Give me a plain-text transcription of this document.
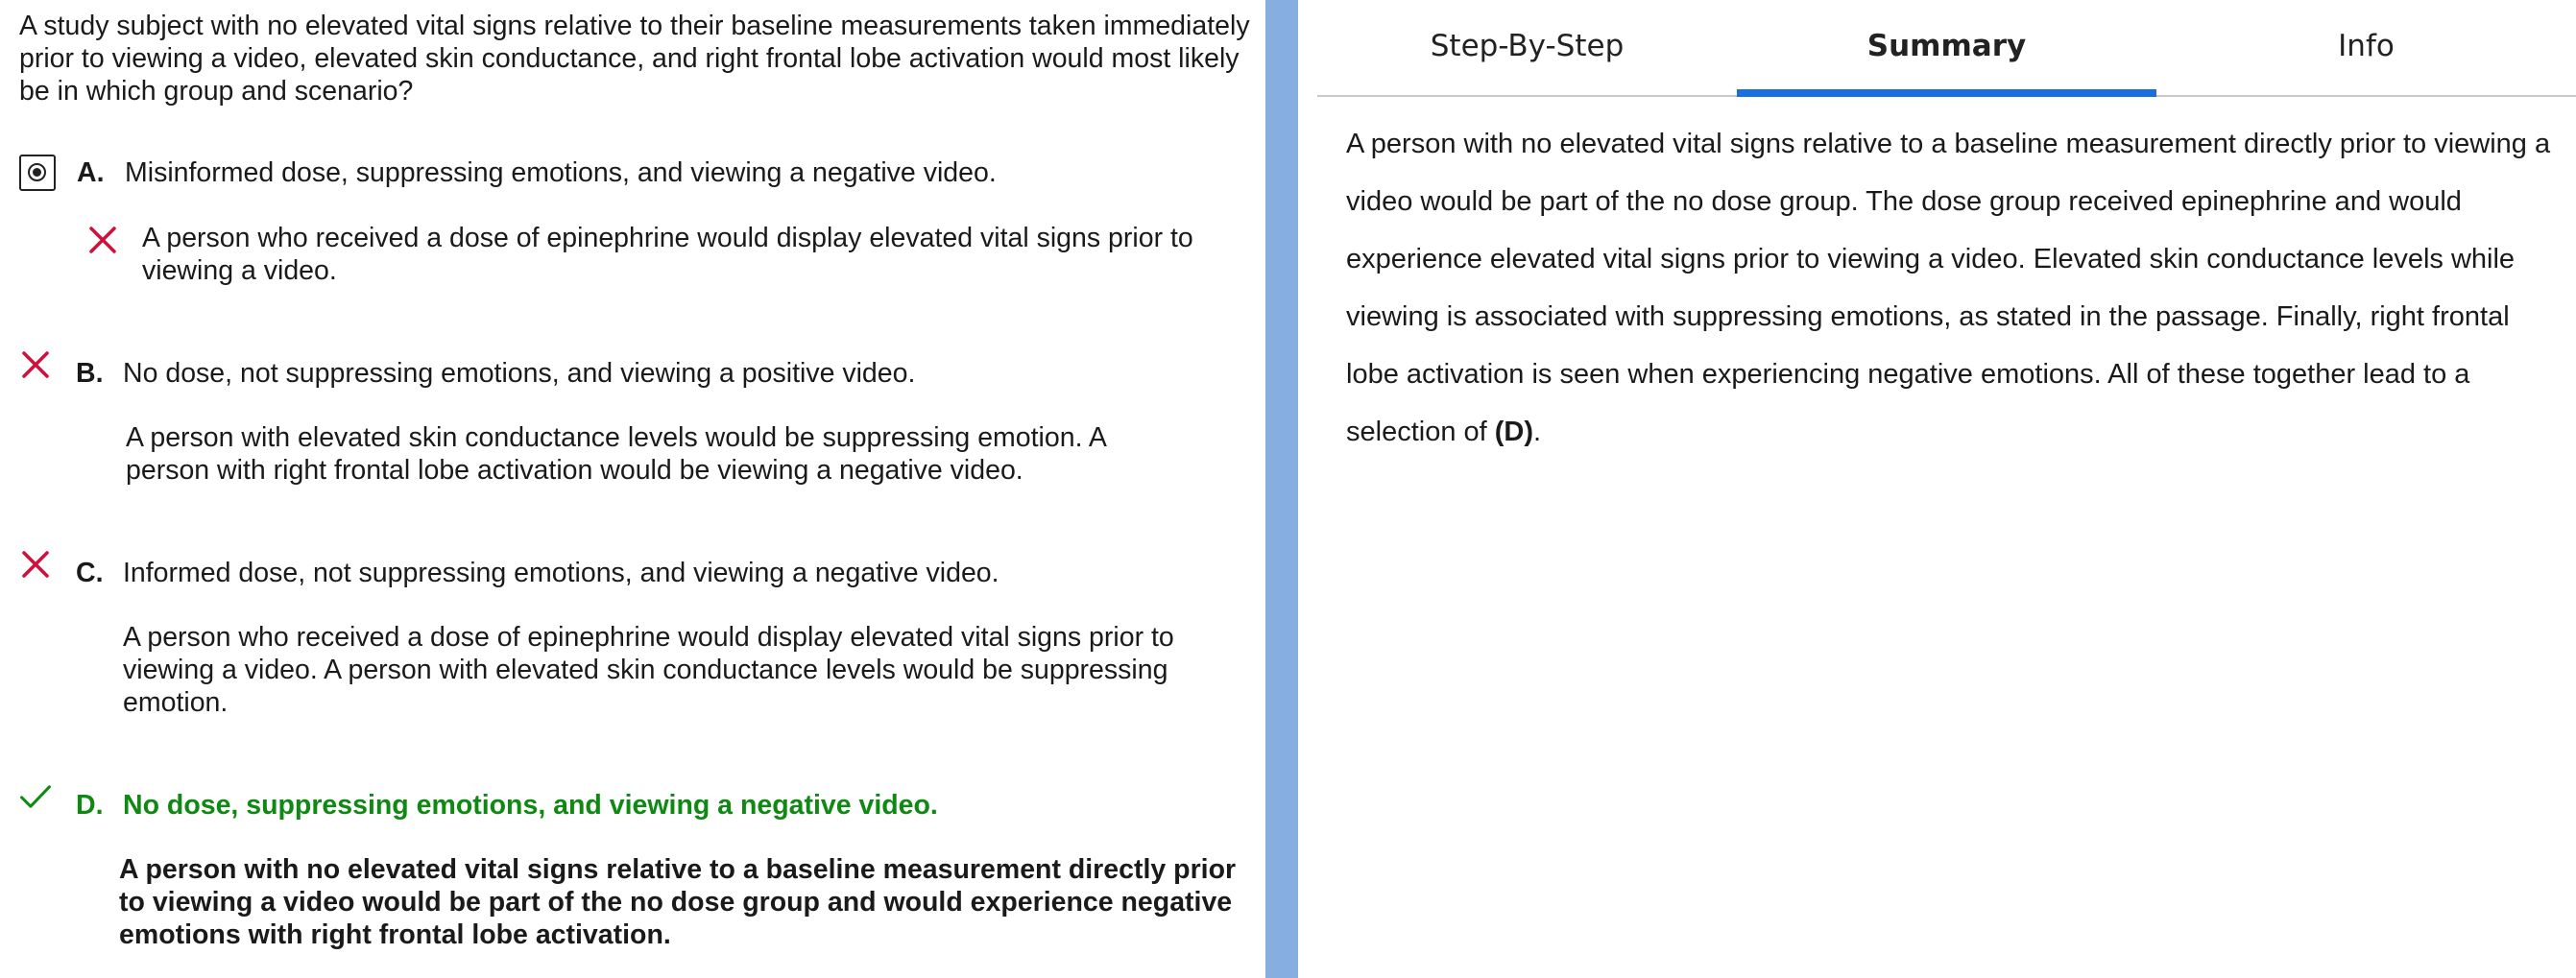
A study subject with no elevated vital signs relative to their baseline measurements taken immediately prior to viewing a video, elevated skin conductance, and right frontal lobe activation would most likely be in which group and scenario?

A. Misinformed dose, suppressing emotions, and viewing a negative video.

A person who received a dose of epinephrine would display elevated vital signs prior to viewing a video.

B. No dose, not suppressing emotions, and viewing a positive video.

A person with elevated skin conductance levels would be suppressing emotion. A person with right frontal lobe activation would be viewing a negative video.

C. Informed dose, not suppressing emotions, and viewing a negative video.

A person who received a dose of epinephrine would display elevated vital signs prior to viewing a video. A person with elevated skin conductance levels would be suppressing emotion.

D. No dose, suppressing emotions, and viewing a negative video.

A person with no elevated vital signs relative to a baseline measurement directly prior to viewing a video would be part of the no dose group and would experience negative emotions with right frontal lobe activation.

Step-By-Step	Summary	Info

A person with no elevated vital signs relative to a baseline measurement directly prior to viewing a video would be part of the no dose group. The dose group received epinephrine and would experience elevated vital signs prior to viewing a video. Elevated skin conductance levels while viewing is associated with suppressing emotions, as stated in the passage. Finally, right frontal lobe activation is seen when experiencing negative emotions. All of these together lead to a selection of (D).
